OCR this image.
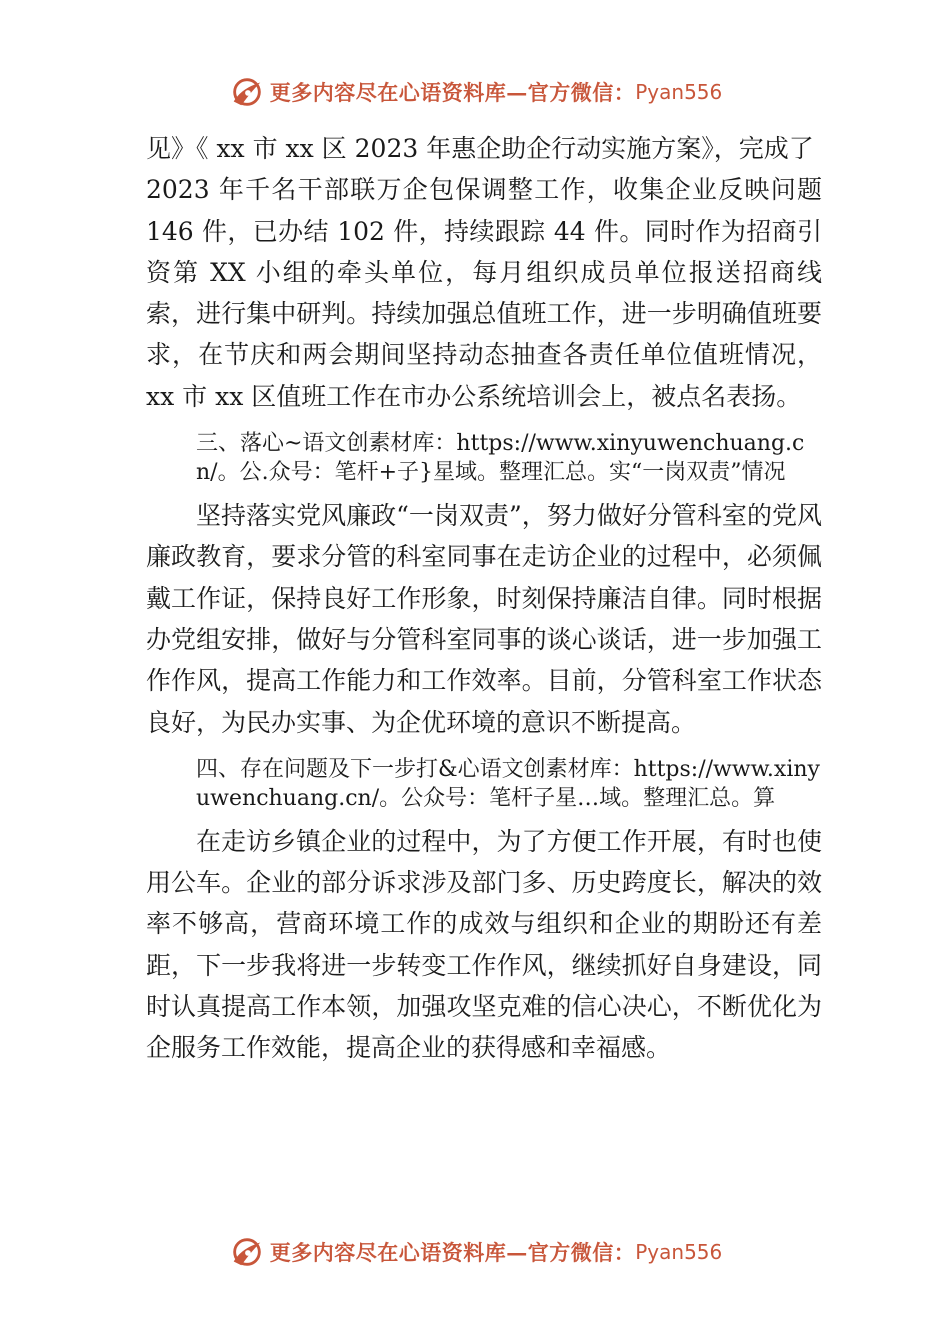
更多内容尽在心语资料库—官方微信： Pyan556

见》《 xx 市 xx 区 2023 年惠企助企行动实施方案》，完成了

2023 年千名干部联万企包保调整工作，收集企业反映问题 146 件，已办结 102 件，持续跟踪 44 件。同时作为招商引资第 XX 小组的牵头单位，每月组织成员单位报送招商线索，进行集中研判。持续加强总值班工作，进一步明确值班要求，在节庆和两会期间坚持动态抽查各责任单位值班情况，xx 市 xx 区值班工作在市办公系统培训会上，被点名表扬。

三、落心~语文创素材库：https://www.xinyuwenchuang.cn/。公.众号：笔杆+子}星域。整理汇总。实“一岗双责”情况

坚持落实党风廉政“一岗双责”，努力做好分管科室的党风廉政教育，要求分管的科室同事在走访企业的过程中，必须佩戴工作证，保持良好工作形象，时刻保持廉洁自律。同时根据办党组安排，做好与分管科室同事的谈心谈话，进一步加强工作作风，提高工作能力和工作效率。目前，分管科室工作状态良好，为民办实事、为企优环境的意识不断提高。

四、存在问题及下一步打&心语文创素材库：https://www.xinyuwenchuang.cn/。公众号：笔杆子星…域。整理汇总。算

在走访乡镇企业的过程中，为了方便工作开展，有时也使用公车。企业的部分诉求涉及部门多、历史跨度长，解决的效率不够高，营商环境工作的成效与组织和企业的期盼还有差距，下一步我将进一步转变工作作风，继续抓好自身建设，同时认真提高工作本领，加强攻坚克难的信心决心，不断优化为企服务工作效能，提高企业的获得感和幸福感。

更多内容尽在心语资料库—官方微信： Pyan556
